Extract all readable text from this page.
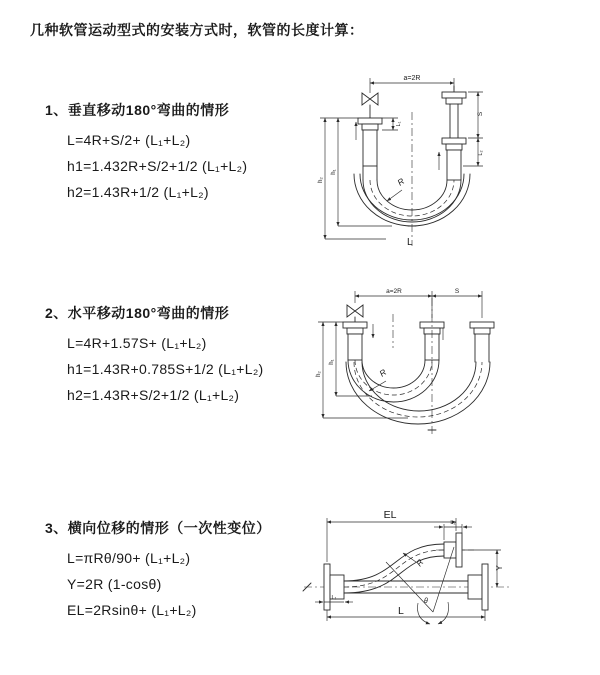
几种软管运动型式的安装方式时，软管的长度计算：
1、垂直移动180°弯曲的情形
L=4R+S/2+ (L₁+L₂)
h1=1.432R+S/2+1/2 (L₁+L₂)
h2=1.43R+1/2 (L₁+L₂)
a=2R
h₂
h₁
L₁
S
L₂
R
L
2、水平移动180°弯曲的情形
L=4R+1.57S+ (L₁+L₂)
h1=1.43R+0.785S+1/2 (L₁+L₂)
h2=1.43R+S/2+1/2 (L₁+L₂)
a=2R	S
h₂
h₁
R
3、横向位移的情形（一次性变位）
L=πRθ/90+ (L₁+L₂)
Y=2R (1-cosθ)
EL=2Rsinθ+ (L₁+L₂)
EL
L₂
Y
L
L₁
R
θ
